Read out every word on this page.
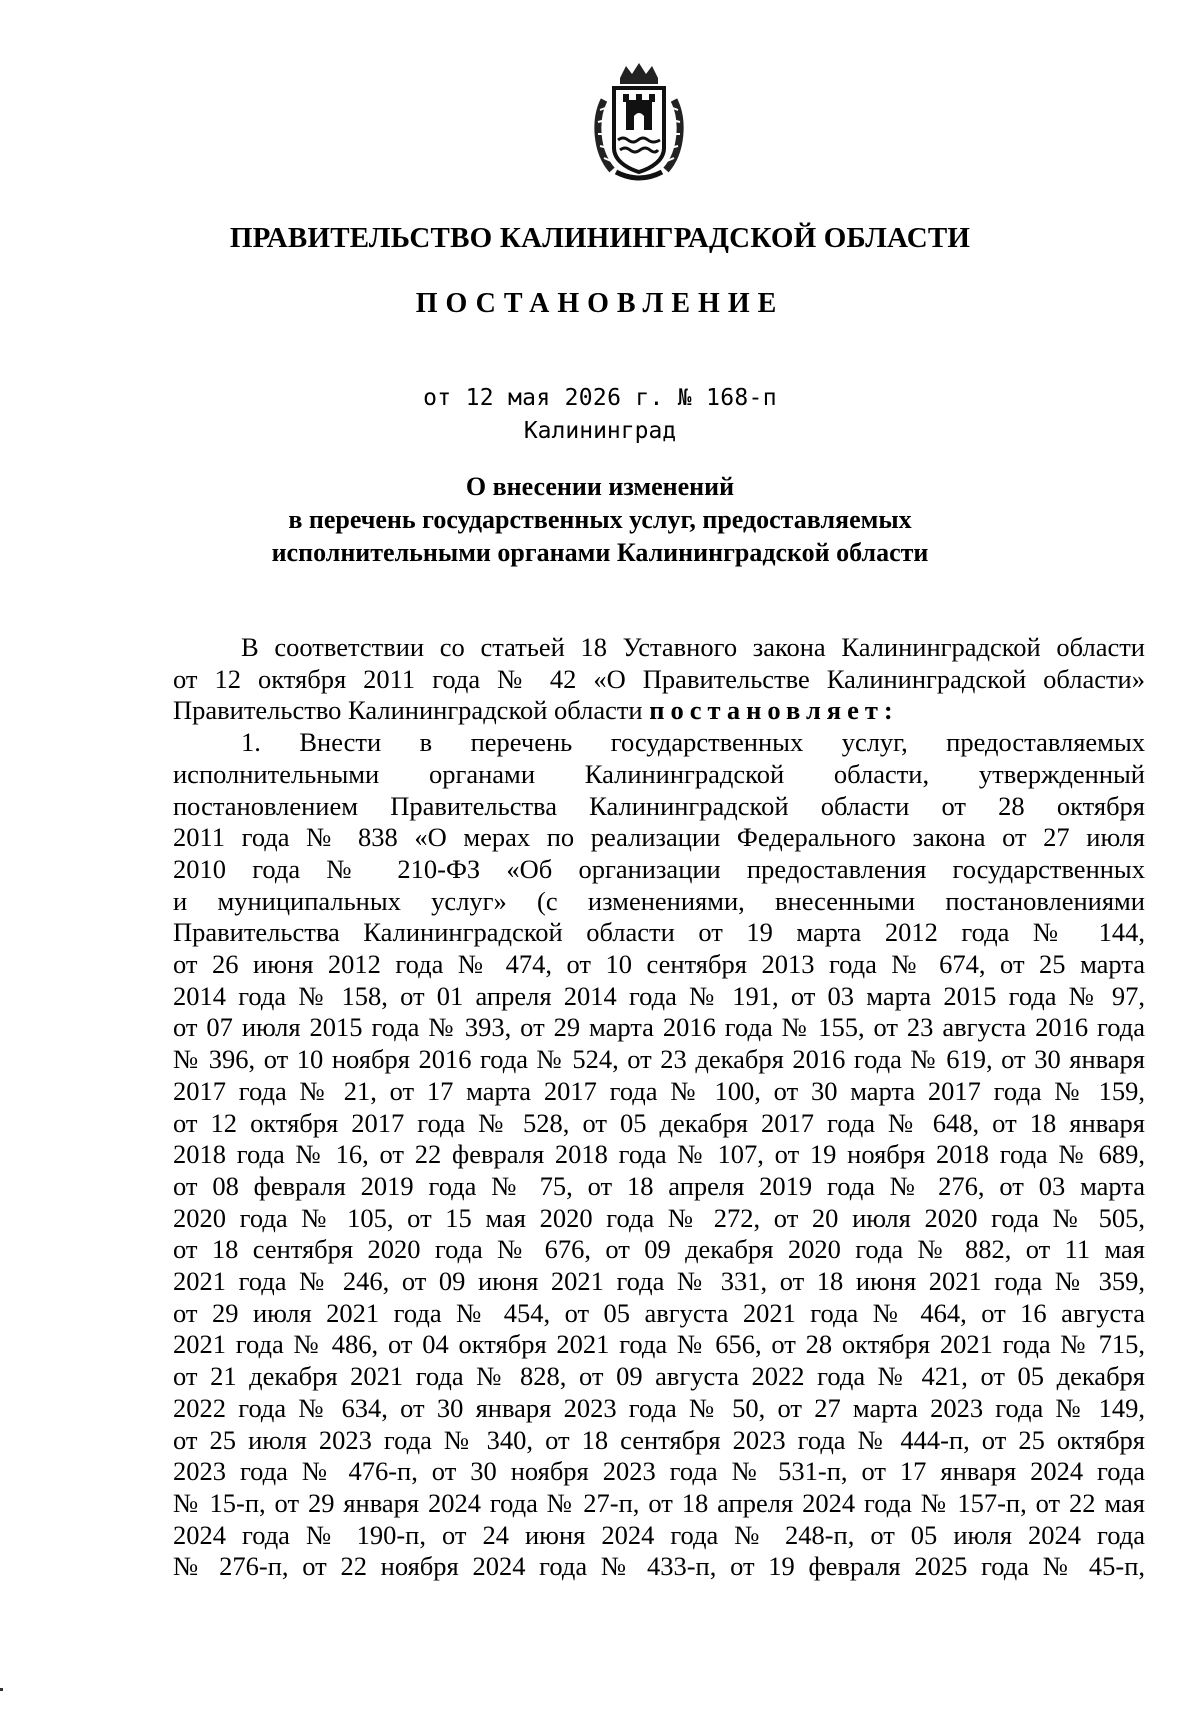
ПРАВИТЕЛЬСТВО КАЛИНИНГРАДСКОЙ ОБЛАСТИ
ПОСТАНОВЛЕНИЕ
от 12 мая 2026 г. № 168-п
Калининград
О внесении изменений
в перечень государственных услуг, предоставляемых
исполнительными органами Калининградской области
В соответствии со статьей 18 Уставного закона Калининградской области
от 12 октября 2011 года № 42 «О Правительстве Калининградской области»
Правительство Калининградской области постановляет:
1. Внести в перечень государственных услуг, предоставляемых
исполнительными органами Калининградской области, утвержденный
постановлением Правительства Калининградской области от 28 октября
2011 года № 838 «О мерах по реализации Федерального закона от 27 июля
2010 года № 210-ФЗ «Об организации предоставления государственных
и муниципальных услуг» (с изменениями, внесенными постановлениями
Правительства Калининградской области от 19 марта 2012 года № 144,
от 26 июня 2012 года № 474, от 10 сентября 2013 года № 674, от 25 марта
2014 года № 158, от 01 апреля 2014 года № 191, от 03 марта 2015 года № 97,
от 07 июля 2015 года № 393, от 29 марта 2016 года № 155, от 23 августа 2016 года
№ 396, от 10 ноября 2016 года № 524, от 23 декабря 2016 года № 619, от 30 января
2017 года № 21, от 17 марта 2017 года № 100, от 30 марта 2017 года № 159,
от 12 октября 2017 года № 528, от 05 декабря 2017 года № 648, от 18 января
2018 года № 16, от 22 февраля 2018 года № 107, от 19 ноября 2018 года № 689,
от 08 февраля 2019 года № 75, от 18 апреля 2019 года № 276, от 03 марта
2020 года № 105, от 15 мая 2020 года № 272, от 20 июля 2020 года № 505,
от 18 сентября 2020 года № 676, от 09 декабря 2020 года № 882, от 11 мая
2021 года № 246, от 09 июня 2021 года № 331, от 18 июня 2021 года № 359,
от 29 июля 2021 года № 454, от 05 августа 2021 года № 464, от 16 августа
2021 года № 486, от 04 октября 2021 года № 656, от 28 октября 2021 года № 715,
от 21 декабря 2021 года № 828, от 09 августа 2022 года № 421, от 05 декабря
2022 года № 634, от 30 января 2023 года № 50, от 27 марта 2023 года № 149,
от 25 июля 2023 года № 340, от 18 сентября 2023 года № 444-п, от 25 октября
2023 года № 476-п, от 30 ноября 2023 года № 531-п, от 17 января 2024 года
№ 15-п, от 29 января 2024 года № 27-п, от 18 апреля 2024 года № 157-п, от 22 мая
2024 года № 190-п, от 24 июня 2024 года № 248-п, от 05 июля 2024 года
№ 276-п, от 22 ноября 2024 года № 433-п, от 19 февраля 2025 года № 45-п,
